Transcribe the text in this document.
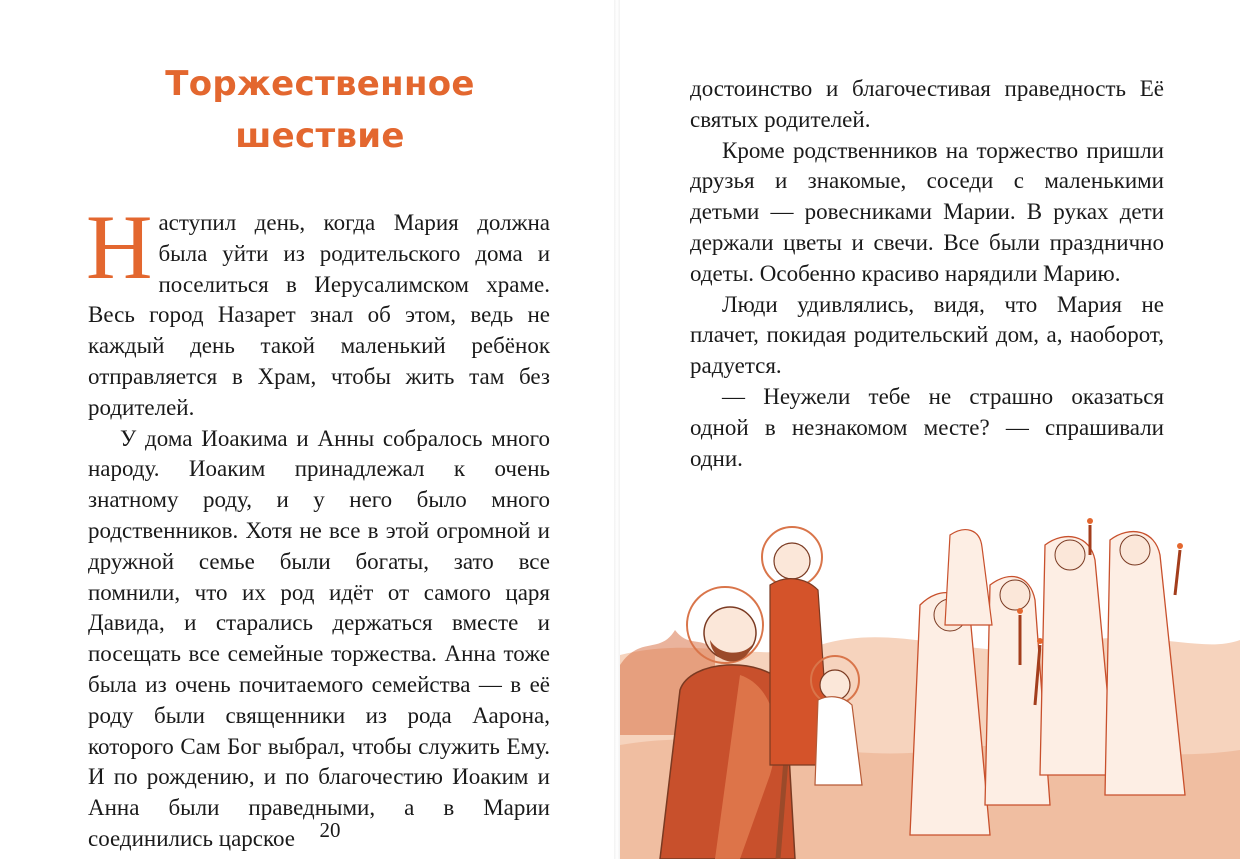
Торжественное
шествие

Наступил день, когда Мария должна была уйти из родительского дома и поселиться в Иерусалимском храме. Весь город Назарет знал об этом, ведь не каждый день такой маленький ребёнок отправляется в Храм, чтобы жить там без родителей.

У дома Иоакима и Анны собралось много народу. Иоаким принадлежал к очень знатному роду, и у него было много родственников. Хотя не все в этой огромной и дружной семье были богаты, зато все помнили, что их род идёт от самого царя Давида, и старались держаться вместе и посещать все семейные торжества. Анна тоже была из очень почитаемого семейства — в её роду были священники из рода Аарона, которого Сам Бог выбрал, чтобы служить Ему. И по рождению, и по благочестию Иоаким и Анна были праведными, а в Марии соединились царское	20

достоинство и благочестивая праведность Её святых родителей.

Кроме родственников на торжество пришли друзья и знакомые, соседи с маленькими детьми — ровесниками Марии. В руках дети держали цветы и свечи. Все были празднично одеты. Особенно красиво нарядили Марию.

Люди удивлялись, видя, что Мария не плачет, покидая родительский дом, а, наоборот, радуется.

— Неужели тебе не страшно оказаться одной в незнакомом месте? — спрашивали одни.
